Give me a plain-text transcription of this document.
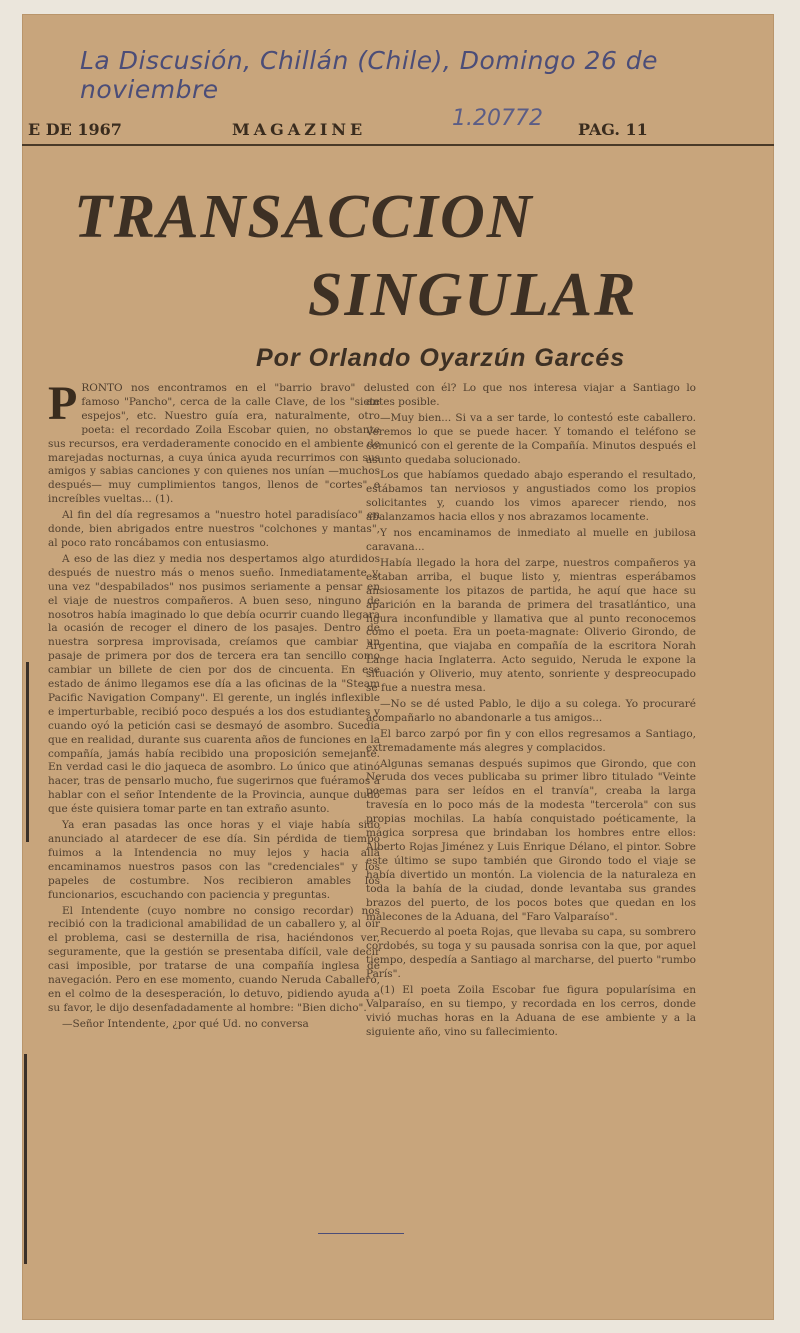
La Discusión, Chillán (Chile), Domingo 26 de noviembre
1.20772
E DE 1967	MAGAZINE	PAG. 11
TRANSACCION
SINGULAR
Por Orlando Oyarzún Garcés

PRONTO nos encontramos en el "barrio bravo" del famoso "Pancho", cerca de la calle Clave, de los "siete espejos", etc. Nuestro guía era, naturalmente, otro poeta: el recordado Zoila Escobar quien, no obstante sus recursos, era verdaderamente conocido en el ambiente de marejadas nocturnas, a cuya única ayuda recurrimos con sus amigos y sabias canciones y con quienes nos unían —muchos después— muy cumplimientos tangos, llenos de "cortes" e increíbles vueltas... (1).

Al fin del día regresamos a "nuestro hotel paradisíaco" en donde, bien abrigados entre nuestros "colchones y mantas", al poco rato roncábamos con entusiasmo.

A eso de las diez y media nos despertamos algo aturdidos después de nuestro más o menos sueño. Inmediatamente y, una vez "despabilados" nos pusimos seriamente a pensar en el viaje de nuestros compañeros. A buen seso, ninguno de nosotros había imaginado lo que debía ocurrir cuando llegara la ocasión de recoger el dinero de los pasajes. Dentro de nuestra sorpresa improvisada, creíamos que cambiar un pasaje de primera por dos de tercera era tan sencillo como cambiar un billete de cien por dos de cincuenta. En ese estado de ánimo llegamos ese día a las oficinas de la "Steam Pacific Navigation Company". El gerente, un inglés inflexible e imperturbable, recibió poco después a los dos estudiantes y cuando oyó la petición casi se desmayó de asombro. Sucedía que en realidad, durante sus cuarenta años de funciones en la compañía, jamás había recibido una proposición semejante. En verdad casi le dio jaqueca de asombro. Lo único que atinó hacer, tras de pensarlo mucho, fue sugerirnos que fuéramos a hablar con el señor Intendente de la Provincia, aunque dudó que éste quisiera tomar parte en tan extraño asunto.

Ya eran pasadas las once horas y el viaje había sido anunciado al atardecer de ese día. Sin pérdida de tiempo fuimos a la Intendencia no muy lejos y hacia allá encaminamos nuestros pasos con las "credenciales" y los papeles de costumbre. Nos recibieron amables los funcionarios, escuchando con paciencia y preguntas.

El Intendente (cuyo nombre no consigo recordar) nos recibió con la tradicional amabilidad de un caballero y, al oír el problema, casi se desternilla de risa, haciéndonos ver, seguramente, que la gestión se presentaba difícil, vale decir casi imposible, por tratarse de una compañía inglesa de navegación. Pero en ese momento, cuando Neruda Caballero, en el colmo de la desesperación, lo detuvo, pidiendo ayuda a su favor, le dijo desenfadadamente al hombre: "Bien dicho".

—Señor Intendente, ¿por qué Ud. no conversa

usted con él? Lo que nos interesa viajar a Santiago lo antes posible.

—Muy bien... Si va a ser tarde, lo contestó este caballero. Veremos lo que se puede hacer. Y tomando el teléfono se comunicó con el gerente de la Compañía. Minutos después el asunto quedaba solucionado.

Los que habíamos quedado abajo esperando el resultado, estábamos tan nerviosos y angustiados como los propios solicitantes y, cuando los vimos aparecer riendo, nos abalanzamos hacia ellos y nos abrazamos locamente.

Y nos encaminamos de inmediato al muelle en jubilosa caravana...

Había llegado la hora del zarpe, nuestros compañeros ya estaban arriba, el buque listo y, mientras esperábamos ansiosamente los pitazos de partida, he aquí que hace su aparición en la baranda de primera del trasatlántico, una figura inconfundible y llamativa que al punto reconocemos como el poeta. Era un poeta-magnate: Oliverio Girondo, de Argentina, que viajaba en compañía de la escritora Norah Lange hacia Inglaterra. Acto seguido, Neruda le expone la situación y Oliverio, muy atento, sonriente y despreocupado se fue a nuestra mesa.

—No se dé usted Pablo, le dijo a su colega. Yo procuraré acompañarlo no abandonarle a tus amigos...

El barco zarpó por fin y con ellos regresamos a Santiago, extremadamente más alegres y complacidos.

Algunas semanas después supimos que Girondo, que con Neruda dos veces publicaba su primer libro titulado "Veinte poemas para ser leídos en el tranvía", creaba la larga travesía en lo poco más de la modesta "tercerola" con sus propias mochilas. La había conquistado poéticamente, la mágica sorpresa que brindaban los hombres entre ellos: Alberto Rojas Jiménez y Luis Enrique Délano, el pintor. Sobre este último se supo también que Girondo todo el viaje se había divertido un montón. La violencia de la naturaleza en toda la bahía de la ciudad, donde levantaba sus grandes brazos del puerto, de los pocos botes que quedan en los malecones de la Aduana, del "Faro Valparaíso".

Recuerdo al poeta Rojas, que llevaba su capa, su sombrero cordobés, su toga y su pausada sonrisa con la que, por aquel tiempo, despedía a Santiago al marcharse, del puerto "rumbo París".

(1) El poeta Zoila Escobar fue figura popularísima en Valparaíso, en su tiempo, y recordada en los cerros, donde vivió muchas horas en la Aduana de ese ambiente y a la siguiente año, vino su fallecimiento.
